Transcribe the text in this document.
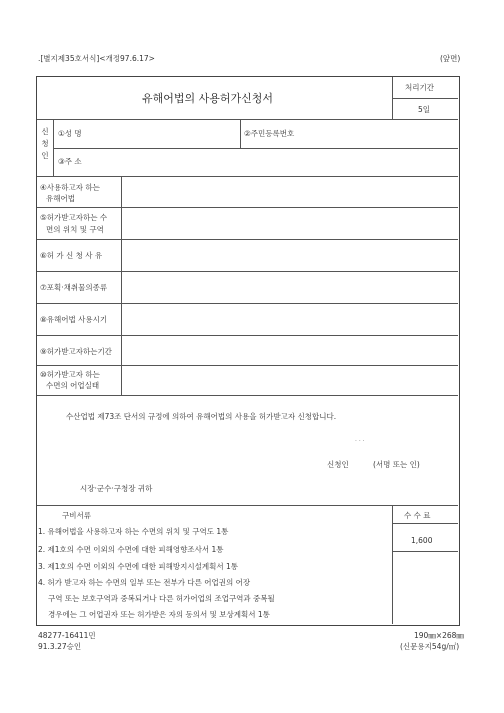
.[별지제35호서식]<개정97.6.17>	(앞면)
유해어법의 사용허가신청서
처리기간
5일
신청인
①성 명	②주민등록번호
③주 소
④사용하고자 하는
유해어법
⑤허가받고자하는 수
면의 위치 및 구역
⑥허 가 신 청 사 유
⑦포획·채취물의종류
⑧유해어법 사용시기
⑨허가받고자하는기간
⑩허가받고자 하는
수면의 어업실태
수산업법 제73조 단서의 규정에 의하여 유해어법의 사용을 허가받고자 신청합니다.
. . .
신청인	(서명 또는 인)
시장·군수·구청장 귀하
구비서류	수 수 료
1,600
1. 유해어법을 사용하고자 하는 수면의 위치 및 구역도 1통
2. 제1호의 수면 이외의 수면에 대한 피해영향조사서 1통
3. 제1호의 수면 이외의 수면에 대한 피해방지시설계획서 1통
4. 허가 받고자 하는 수면의 일부 또는 전부가 다른 어업권의 어장
구역 또는 보호구역과 중복되거나 다른 허가어업의 조업구역과 중복될
경우에는 그 어업권자 또는 허가받은 자의 동의서 및 보상계획서 1통
48277-16411민
91.3.27승인
190㎜×268㎜
(신문용지54g/㎡)
